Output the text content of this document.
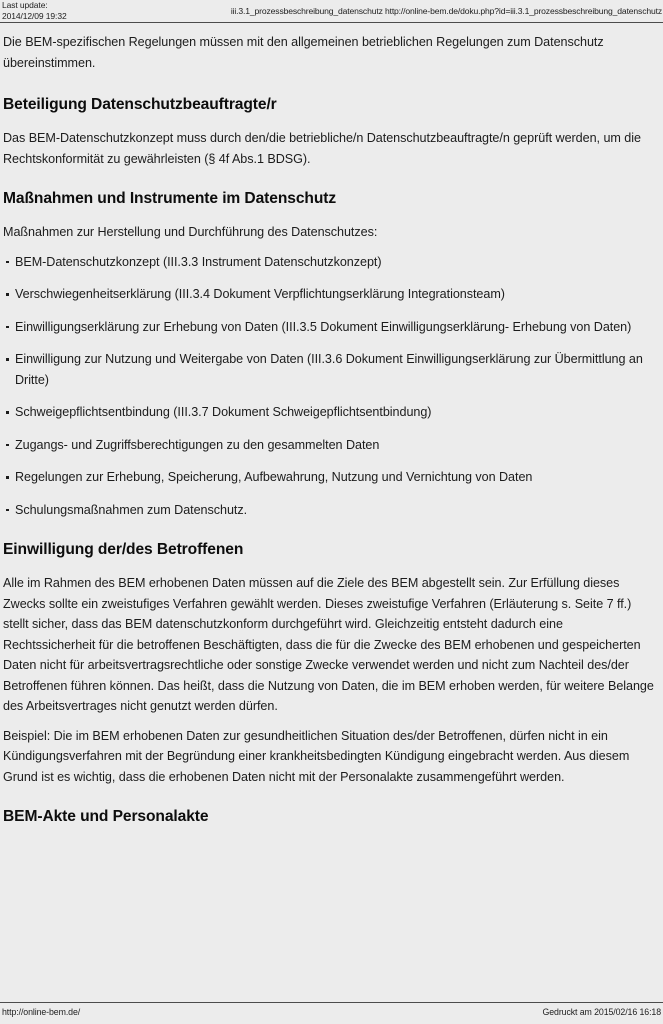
Last update:
2014/12/09 19:32	iii.3.1_prozessbeschreibung_datenschutz http://online-bem.de/doku.php?id=iii.3.1_prozessbeschreibung_datenschutz

Die BEM-spezifischen Regelungen müssen mit den allgemeinen betrieblichen Regelungen zum Datenschutz übereinstimmen.

Beteiligung Datenschutzbeauftragte/r

Das BEM-Datenschutzkonzept muss durch den/die betriebliche/n Datenschutzbeauftragte/n geprüft werden, um die Rechtskonformität zu gewährleisten (§ 4f Abs.1 BDSG).

Maßnahmen und Instrumente im Datenschutz

Maßnahmen zur Herstellung und Durchführung des Datenschutzes:

BEM-Datenschutzkonzept (III.3.3 Instrument Datenschutzkonzept)
Verschwiegenheitserklärung (III.3.4 Dokument Verpflichtungserklärung Integrationsteam)
Einwilligungserklärung zur Erhebung von Daten (III.3.5 Dokument Einwilligungserklärung- Erhebung von Daten)
Einwilligung zur Nutzung und Weitergabe von Daten (III.3.6 Dokument Einwilligungserklärung zur Übermittlung an Dritte)
Schweigepflichtsentbindung (III.3.7 Dokument Schweigepflichtsentbindung)
Zugangs- und Zugriffsberechtigungen zu den gesammelten Daten
Regelungen zur Erhebung, Speicherung, Aufbewahrung, Nutzung und Vernichtung von Daten
Schulungsmaßnahmen zum Datenschutz.
Einwilligung der/des Betroffenen

Alle im Rahmen des BEM erhobenen Daten müssen auf die Ziele des BEM abgestellt sein. Zur Erfüllung dieses Zwecks sollte ein zweistufiges Verfahren gewählt werden. Dieses zweistufige Verfahren (Erläuterung s. Seite 7 ff.) stellt sicher, dass das BEM datenschutzkonform durchgeführt wird. Gleichzeitig entsteht dadurch eine Rechtssicherheit für die betroffenen Beschäftigten, dass die für die Zwecke des BEM erhobenen und gespeicherten Daten nicht für arbeitsvertragsrechtliche oder sonstige Zwecke verwendet werden und nicht zum Nachteil des/der Betroffenen führen können. Das heißt, dass die Nutzung von Daten, die im BEM erhoben werden, für weitere Belange des Arbeitsvertrages nicht genutzt werden dürfen.

Beispiel: Die im BEM erhobenen Daten zur gesundheitlichen Situation des/der Betroffenen, dürfen nicht in ein Kündigungsverfahren mit der Begründung einer krankheitsbedingten Kündigung eingebracht werden. Aus diesem Grund ist es wichtig, dass die erhobenen Daten nicht mit der Personalakte zusammengeführt werden.

BEM-Akte und Personalakte
http://online-bem.de/	Gedruckt am 2015/02/16 16:18
